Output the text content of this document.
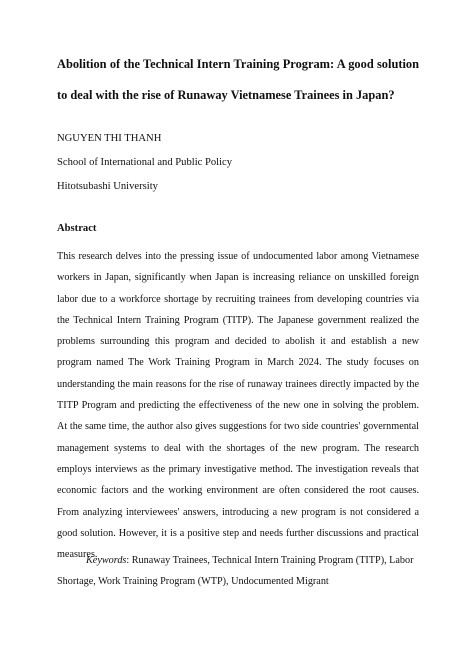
Abolition of the Technical Intern Training Program: A good solution
to deal with the rise of Runaway Vietnamese Trainees in Japan?
NGUYEN THI THANH
School of International and Public Policy
Hitotsubashi University
Abstract

This research delves into the pressing issue of undocumented labor among Vietnamese workers in Japan, significantly when Japan is increasing reliance on unskilled foreign labor due to a workforce shortage by recruiting trainees from developing countries via the Technical Intern Training Program (TITP). The Japanese government realized the problems surrounding this program and decided to abolish it and establish a new program named The Work Training Program in March 2024. The study focuses on understanding the main reasons for the rise of runaway trainees directly impacted by the TITP Program and predicting the effectiveness of the new one in solving the problem. At the same time, the author also gives suggestions for two side countries' governmental management systems to deal with the shortages of the new program. The research employs interviews as the primary investigative method. The investigation reveals that economic factors and the working environment are often considered the root causes. From analyzing interviewees' answers, introducing a new program is not considered a good solution. However, it is a positive step and needs further discussions and practical measures.

Keywords: Runaway Trainees, Technical Intern Training Program (TITP), Labor Shortage, Work Training Program (WTP), Undocumented Migrant
